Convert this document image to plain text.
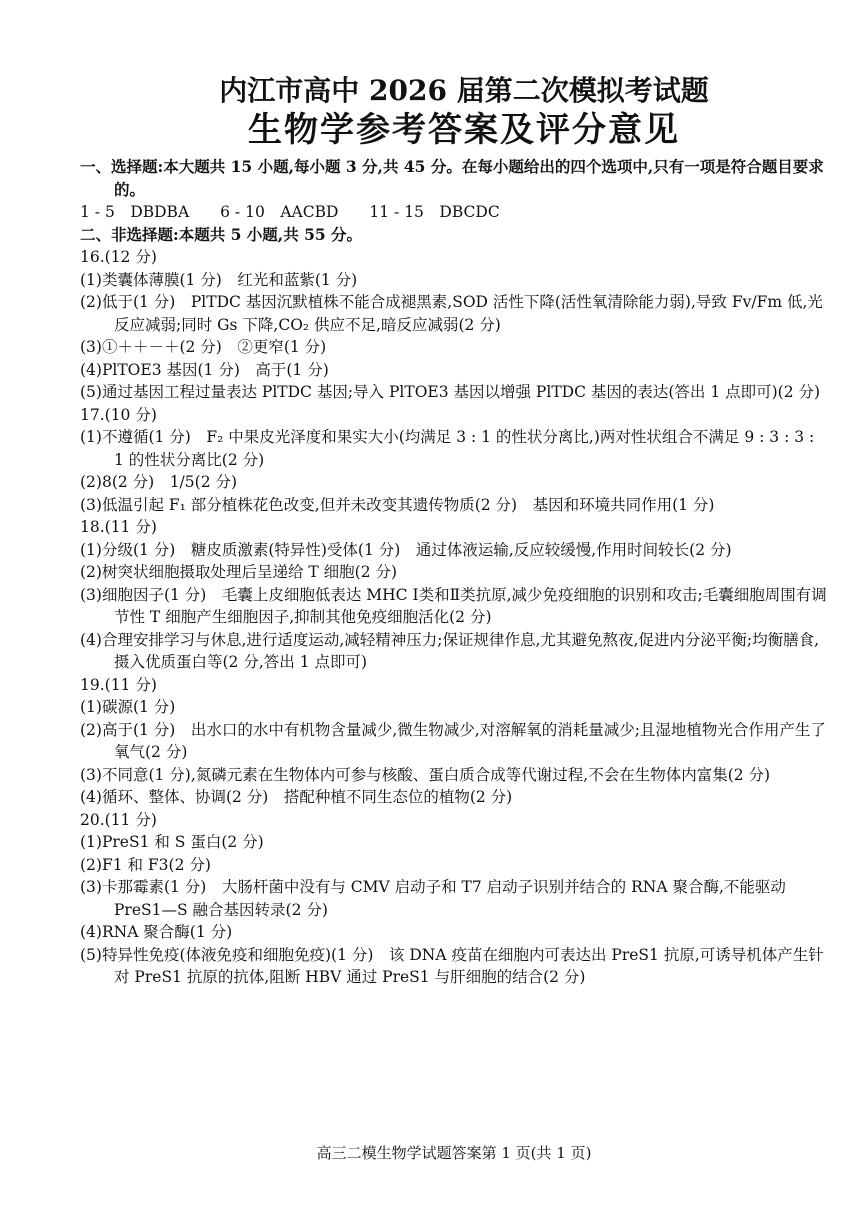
内江市高中 2026 届第二次模拟考试题
生物学参考答案及评分意见

一、选择题:本大题共 15 小题,每小题 3 分,共 45 分。在每小题给出的四个选项中,只有一项是符合题目要求的。

1 - 5　DBDBA　　6 - 10　AACBD　　11 - 15　DBCDC

二、非选择题:本题共 5 小题,共 55 分。

16.(12 分)

(1)类囊体薄膜(1 分)　红光和蓝紫(1 分)

(2)低于(1 分)　PlTDC 基因沉默植株不能合成褪黑素,SOD 活性下降(活性氧清除能力弱),导致 Fv/Fm 低,光反应减弱;同时 Gs 下降,CO₂ 供应不足,暗反应减弱(2 分)

(3)①＋＋－＋(2 分)　②更窄(1 分)

(4)PlTOE3 基因(1 分)　高于(1 分)

(5)通过基因工程过量表达 PlTDC 基因;导入 PlTOE3 基因以增强 PlTDC 基因的表达(答出 1 点即可)(2 分)

17.(10 分)

(1)不遵循(1 分)　F₂ 中果皮光泽度和果实大小(均满足 3 : 1 的性状分离比,)两对性状组合不满足 9 : 3 : 3 : 1 的性状分离比(2 分)

(2)8(2 分)　1/5(2 分)

(3)低温引起 F₁ 部分植株花色改变,但并未改变其遗传物质(2 分)　基因和环境共同作用(1 分)

18.(11 分)

(1)分级(1 分)　糖皮质激素(特异性)受体(1 分)　通过体液运输,反应较缓慢,作用时间较长(2 分)

(2)树突状细胞摄取处理后呈递给 T 细胞(2 分)

(3)细胞因子(1 分)　毛囊上皮细胞低表达 MHC Ⅰ类和Ⅱ类抗原,减少免疫细胞的识别和攻击;毛囊细胞周围有调节性 T 细胞产生细胞因子,抑制其他免疫细胞活化(2 分)

(4)合理安排学习与休息,进行适度运动,减轻精神压力;保证规律作息,尤其避免熬夜,促进内分泌平衡;均衡膳食,摄入优质蛋白等(2 分,答出 1 点即可)

19.(11 分)

(1)碳源(1 分)

(2)高于(1 分)　出水口的水中有机物含量减少,微生物减少,对溶解氧的消耗量减少;且湿地植物光合作用产生了氧气(2 分)

(3)不同意(1 分),氮磷元素在生物体内可参与核酸、蛋白质合成等代谢过程,不会在生物体内富集(2 分)

(4)循环、整体、协调(2 分)　搭配种植不同生态位的植物(2 分)

20.(11 分)

(1)PreS1 和 S 蛋白(2 分)

(2)F1 和 F3(2 分)

(3)卡那霉素(1 分)　大肠杆菌中没有与 CMV 启动子和 T7 启动子识别并结合的 RNA 聚合酶,不能驱动 PreS1—S 融合基因转录(2 分)

(4)RNA 聚合酶(1 分)

(5)特异性免疫(体液免疫和细胞免疫)(1 分)　该 DNA 疫苗在细胞内可表达出 PreS1 抗原,可诱导机体产生针对 PreS1 抗原的抗体,阻断 HBV 通过 PreS1 与肝细胞的结合(2 分)

高三二模生物学试题答案第 1 页(共 1 页)
